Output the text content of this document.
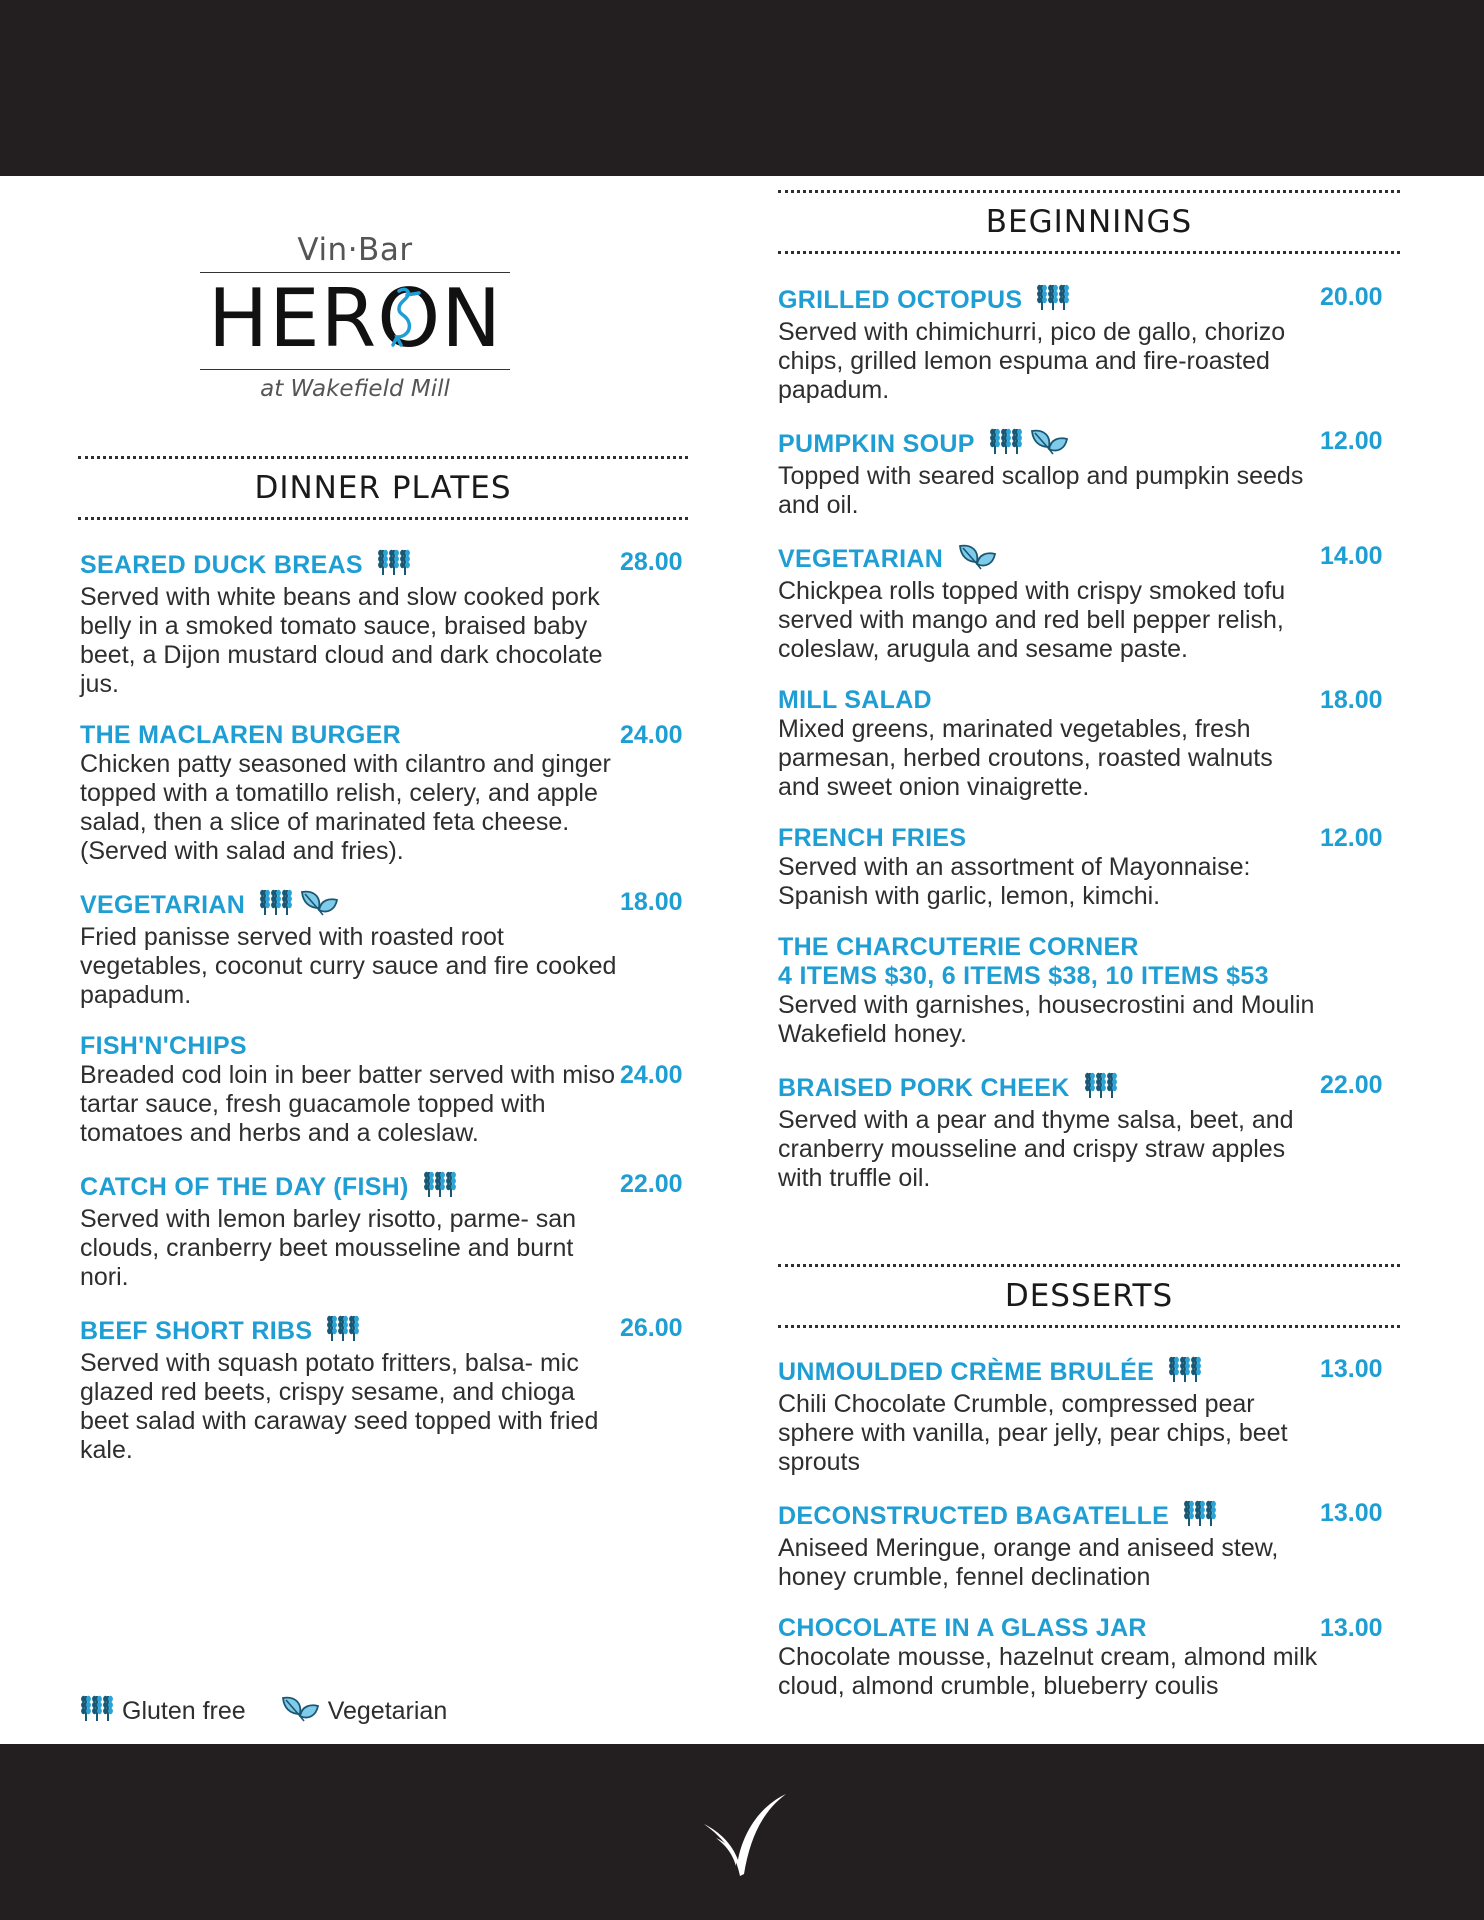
Vin·Bar
HERO
N
at Wakefield Mill
DINNER PLATES
BEGINNINGS
DESSERTS
SEARED DUCK BREAS
Served with white beans and slow cooked pork belly in a smoked tomato sauce, braised baby beet, a Dijon mustard cloud and dark chocolate jus.
28.00
THE MACLAREN BURGER
Chicken patty seasoned with cilantro and ginger topped with a tomatillo relish, celery, and apple salad, then a slice of marinated feta cheese. (Served with salad and fries).
24.00
VEGETARIAN
Fried panisse served with roasted root vegetables, coconut curry sauce and fire cooked papadum.
18.00
FISH'N'CHIPS
Breaded cod loin in beer batter served with miso tartar sauce, fresh guacamole topped with tomatoes and herbs and a coleslaw.
24.00
CATCH OF THE DAY (FISH)
Served with lemon barley risotto, parme- san clouds, cranberry beet mousseline and burnt nori.
22.00
BEEF SHORT RIBS
Served with squash potato fritters, balsa- mic glazed red beets, crispy sesame, and chioga beet salad with caraway seed topped with fried kale.
26.00
GRILLED OCTOPUS
Served with chimichurri, pico de gallo, chorizo chips, grilled lemon espuma and fire-roasted papadum.
20.00
PUMPKIN SOUP
Topped with seared scallop and pumpkin seeds and oil.
12.00
VEGETARIAN
Chickpea rolls topped with crispy smoked tofu served with mango and red bell pepper relish, coleslaw, arugula and sesame paste.
14.00
MILL SALAD
Mixed greens, marinated vegetables, fresh parmesan, herbed croutons, roasted walnuts and sweet onion vinaigrette.
18.00
FRENCH FRIES
Served with an assortment of Mayonnaise: Spanish with garlic, lemon, kimchi.
12.00
THE CHARCUTERIE CORNER
4 ITEMS $30, 6 ITEMS $38, 10 ITEMS $53
Served with garnishes, housecrostini and Moulin Wakefield honey.
BRAISED PORK CHEEK
Served with a pear and thyme salsa, beet, and cranberry mousseline and crispy straw apples with truffle oil.
22.00
UNMOULDED CRÈME BRULÉE
Chili Chocolate Crumble, compressed pear sphere with vanilla, pear jelly, pear chips, beet sprouts
13.00
DECONSTRUCTED BAGATELLE
Aniseed Meringue, orange and aniseed stew, honey crumble, fennel declination
13.00
CHOCOLATE IN A GLASS JAR
Chocolate mousse, hazelnut cream, almond milk cloud, almond crumble, blueberry coulis
13.00
Gluten free	Vegetarian
